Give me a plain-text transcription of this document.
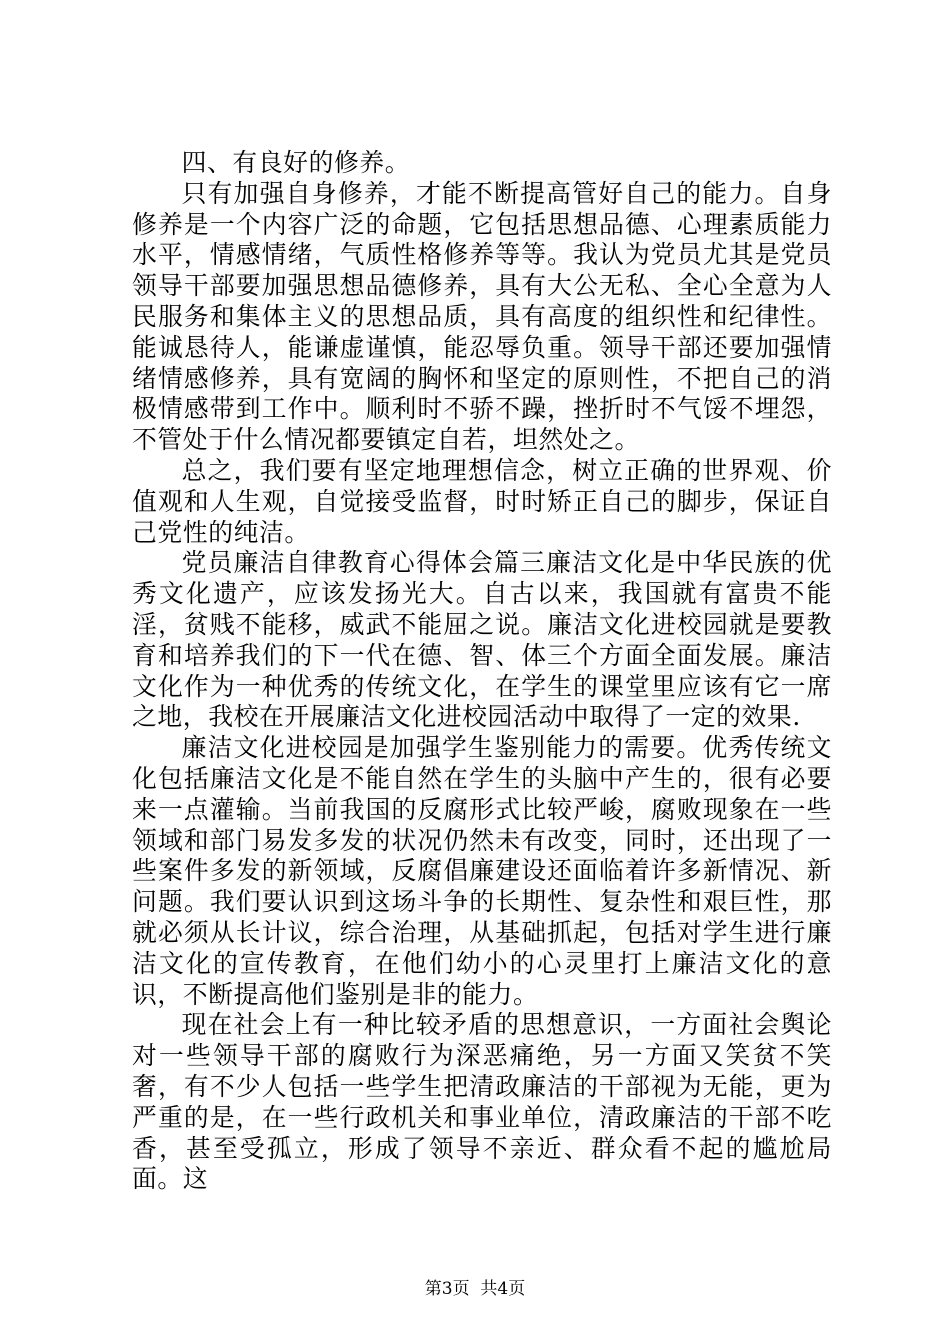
四、有良好的修养。

只有加强自身修养，才能不断提高管好自己的能力。自身修养是一个内容广泛的命题，它包括思想品德、心理素质能力水平，情感情绪，气质性格修养等等。我认为党员尤其是党员领导干部要加强思想品德修养，具有大公无私、全心全意为人民服务和集体主义的思想品质，具有高度的组织性和纪律性。能诚恳待人，能谦虚谨慎，能忍辱负重。领导干部还要加强情绪情感修养，具有宽阔的胸怀和坚定的原则性，不把自己的消极情感带到工作中。顺利时不骄不躁，挫折时不气馁不埋怨，不管处于什么情况都要镇定自若，坦然处之。

总之，我们要有坚定地理想信念，树立正确的世界观、价值观和人生观，自觉接受监督，时时矫正自己的脚步，保证自己党性的纯洁。

党员廉洁自律教育心得体会篇三廉洁文化是中华民族的优秀文化遗产，应该发扬光大。自古以来，我国就有富贵不能淫，贫贱不能移，威武不能屈之说。廉洁文化进校园就是要教育和培养我们的下一代在德、智、体三个方面全面发展。廉洁文化作为一种优秀的传统文化，在学生的课堂里应该有它一席之地，我校在开展廉洁文化进校园活动中取得了一定的效果.

廉洁文化进校园是加强学生鉴别能力的需要。优秀传统文化包括廉洁文化是不能自然在学生的头脑中产生的，很有必要来一点灌输。当前我国的反腐形式比较严峻，腐败现象在一些领域和部门易发多发的状况仍然未有改变，同时，还出现了一些案件多发的新领域，反腐倡廉建设还面临着许多新情况、新问题。我们要认识到这场斗争的长期性、复杂性和艰巨性，那就必须从长计议，综合治理，从基础抓起，包括对学生进行廉洁文化的宣传教育，在他们幼小的心灵里打上廉洁文化的意识，不断提高他们鉴别是非的能力。

现在社会上有一种比较矛盾的思想意识，一方面社会舆论对一些领导干部的腐败行为深恶痛绝，另一方面又笑贫不笑奢，有不少人包括一些学生把清政廉洁的干部视为无能，更为严重的是，在一些行政机关和事业单位，清政廉洁的干部不吃香，甚至受孤立，形成了领导不亲近、群众看不起的尴尬局面。这

第3页  共4页
